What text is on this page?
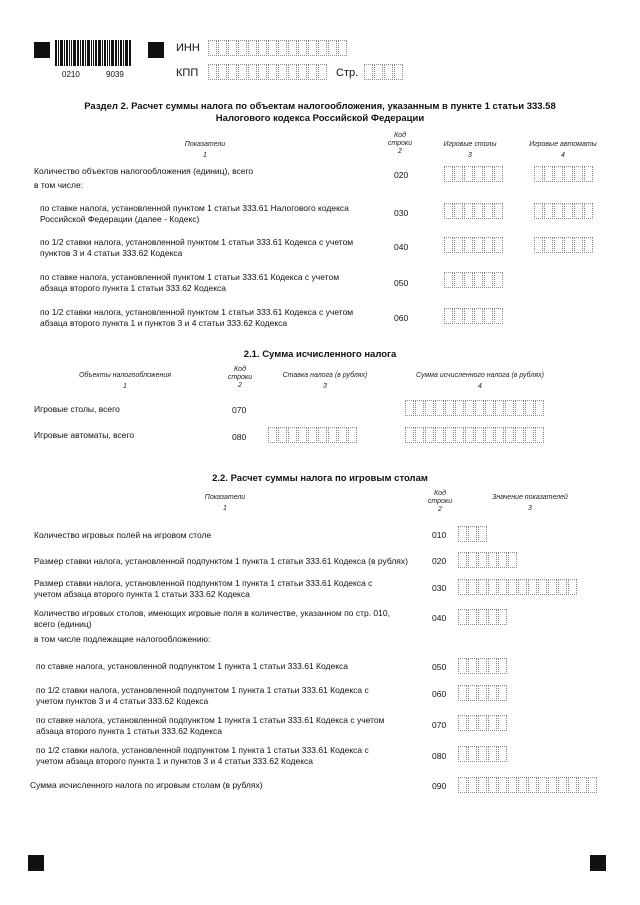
0210	9039
ИНН
КПП	Стр.
Раздел 2. Расчет суммы налога по объектам налогообложения, указанным в пункте 1 статьи 333.58
Налогового кодекса Российской Федерации
Показатели
1
Код
строки
2
Игровые столы
3
Игровые автоматы
4
Количество объектов налогообложения (единиц), всего
в том числе:
020
по ставке налога, установленной пунктом 1 статьи 333.61 Налогового кодекса
Российской Федерации (далее - Кодекс)
030
по 1/2 ставки налога, установленной пунктом 1 статьи 333.61 Кодекса с учетом
пунктов 3 и 4 статьи 333.62 Кодекса
040
по ставке налога, установленной пунктом 1 статьи 333.61 Кодекса с учетом
абзаца второго пункта 1 статьи 333.62 Кодекса	050
по 1/2 ставки налога, установленной пунктом 1 статьи 333.61 Кодекса с учетом
абзаца второго пункта 1 и пунктов 3 и 4 статьи 333.62 Кодекса	060
2.1. Сумма исчисленного налога
Объекты налогообложения
1
Код
строки
2
Ставка налога (в рублях)
3
Сумма исчисленного налога (в рублях)
4
Игровые столы, всего	070
Игровые автоматы, всего	080
2.2. Расчет суммы налога по игровым столам
Показатели
1
Код
строки
2
Значение показателей
3
Количество игровых полей на игровом столе	010
Размер ставки налога, установленной подпунктом 1 пункта 1 статьи 333.61 Кодекса (в рублях)	020
Размер ставки налога, установленной подпунктом 1 пункта 1 статьи 333.61 Кодекса с
учетом абзаца второго пункта 1 статьи 333.62 Кодекса
030
Количество игровых столов, имеющих игровые поля в количестве, указанном по стр. 010,
всего (единиц)
040
в том числе подлежащие налогообложению:
по ставке налога, установленной подпунктом 1 пункта 1 статьи 333.61 Кодекса	050
по 1/2 ставки налога, установленной подпунктом 1 пункта 1 статьи 333.61 Кодекса с
учетом пунктов 3 и 4 статьи 333.62 Кодекса
060
по ставке налога, установленной подпунктом 1 пункта 1 статьи 333.61 Кодекса с учетом
абзаца второго пункта 1 статьи 333.62 Кодекса
070
по 1/2 ставки налога, установленной подпунктом 1 пункта 1 статьи 333.61 Кодекса с
учетом абзаца второго пункта 1 и пунктов 3 и 4 статьи 333.62 Кодекса	080
Сумма исчисленного налога по игровым столам (в рублях)	090
